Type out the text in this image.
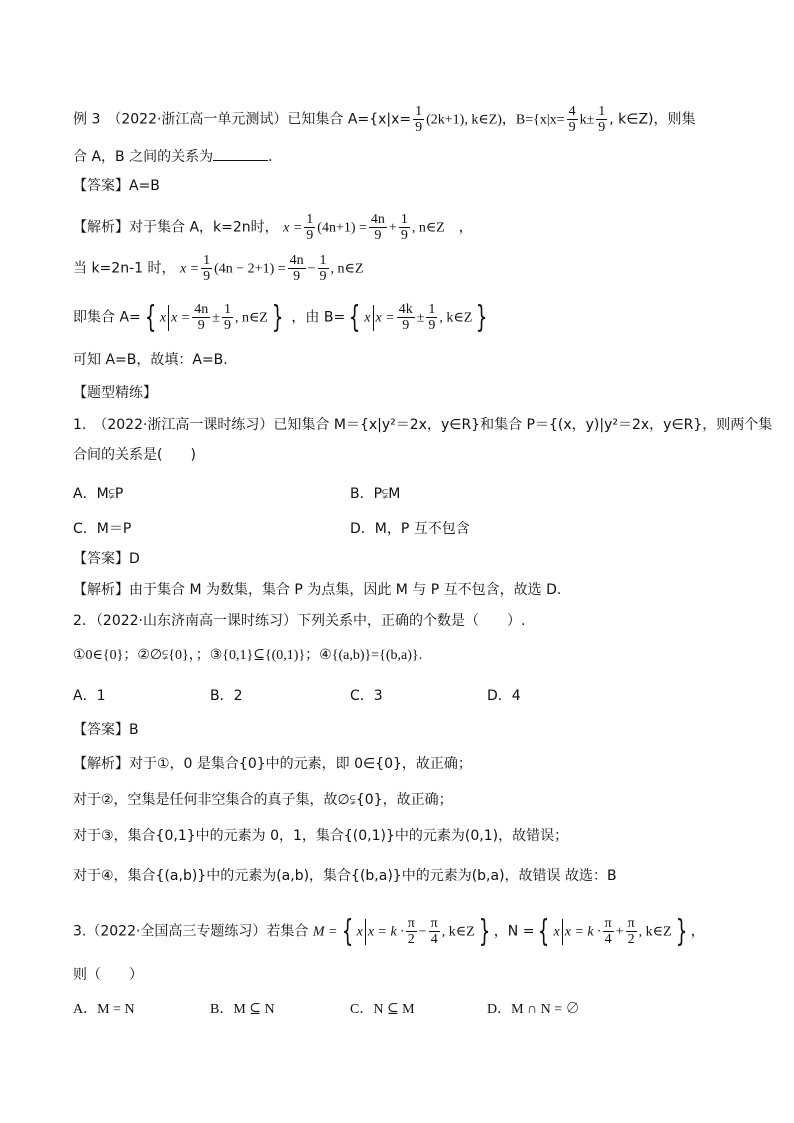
例 3　（2022·浙江高一单元测试）已知集合 $A=\{x|x= \frac{1}{9} (2k+1)$, k∈Z)，$B=\{x|x= \frac{4}{9} k\pm \frac{1}{9}$ , k∈Z)，则集
合 A，B 之间的关系为	．
【答案】A=B
【解析】对于集合 A，k=2n时， $x = \frac{1}{9} (4n+1) = \frac{4n}{9} + \frac{1}{9}$ , n∈Z　，
当 k=2n-1 时， $x = \frac{1}{9} (4n - 2+1) = \frac{4n}{9} - \frac{1}{9}$ , n∈Z
即集合 A= { x $x = \frac{4n}{9} \pm \frac{1}{9}$ , n∈Z } ，由 B= { x $x = \frac{4k}{9} \pm \frac{1}{9}$ , k∈Z }
可知 A=B，故填：A=B.
【题型精练】
1.　（2022·浙江高一课时练习）已知集合 M＝{x|y²＝2x，y∈R}和集合 P＝{(x，y)|y²＝2x，y∈R}，则两个集
合间的关系是(　　)
A．M⫋P	B．P⫋M
C．M＝P	D．M，P 互不包含
【答案】D
【解析】由于集合 M 为数集，集合 P 为点集，因此 M 与 P 互不包含，故选 D.
2．（2022·山东济南高一课时练习）下列关系中，正确的个数是（　　）.
①0∈{0}；②∅⫋{0}，；③{0,1}⊆{(0,1)}；④{(a,b)}={(b,a)}.
A．1	B．2	C．3	D．4
【答案】B
【解析】对于①，0 是集合{0}中的元素，即 0∈{0}，故正确；
对于②，空集是任何非空集合的真子集，故∅⫋{0}，故正确；
对于③，集合{0,1}中的元素为 0，1，集合{(0,1)}中的元素为(0,1)，故错误；
对于④，集合{(a,b)}中的元素为(a,b)，集合{(b,a)}中的元素为(b,a)，故错误 故选：B
3.（2022·全国高三专题练习）若集合 M = { x $x = k \cdot \frac{\pi}{2} - \frac{\pi}{4}$ , k∈Z } ，N = { x $x = k \cdot \frac{\pi}{4} + \frac{\pi}{2}$ , k∈Z } ，
则（　　）
A．M = N	B．M ⊆ N	C．N ⊆ M	D．M ∩ N = ∅
